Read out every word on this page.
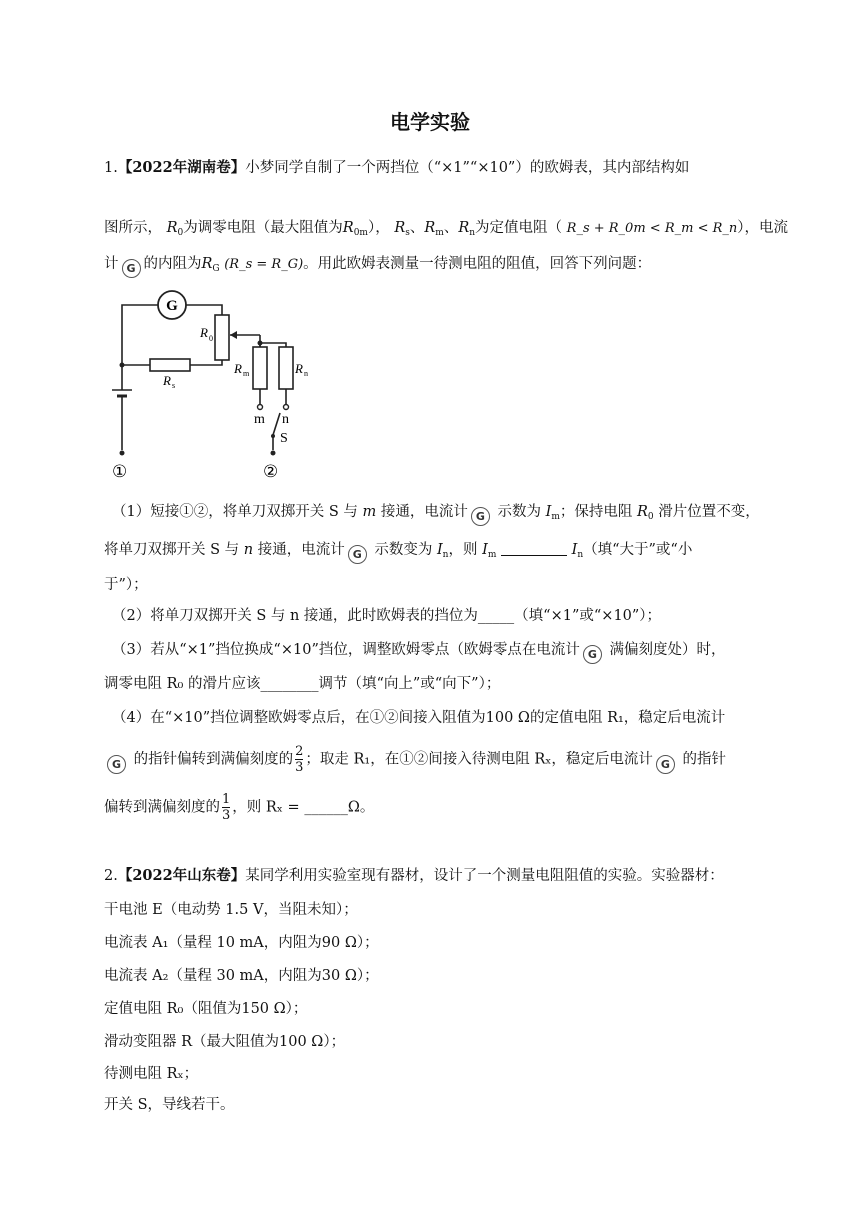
电学实验
1.【2022年湖南卷】小梦同学自制了一个两挡位（“×1”“×10”）的欧姆表，其内部结构如
图所示， $R_0$为调零电阻（最大阻值为$R_{0m}$）， $R_s$、$R_m$、$R_n$为定值电阻（ R_s + R_0m < R_m < R_n），电流
计 G 的内阻为$R_G$ (R_s = R_G)。用此欧姆表测量一待测电阻的阻值，回答下列问题：
G
R 0
R s
R m	R n
m n
S
①	②
（1）短接①②，将单刀双掷开关 S 与 m 接通，电流计 G 示数为 $I_m$；保持电阻 $R_0$ 滑片位置不变，
将单刀双掷开关 S 与 n 接通，电流计 G 示数变为 $I_n$，则 $I_m$	$I_n$（填“大于”或“小
于”）；
（2）将单刀双掷开关 S 与 n 接通，此时欧姆表的挡位为_____（填“×1”或“×10”）；
（3）若从“×1”挡位换成“×10”挡位，调整欧姆零点（欧姆零点在电流计 G 满偏刻度处）时，
调零电阻 R₀ 的滑片应该________调节（填“向上”或“向下”）；
（4）在“×10”挡位调整欧姆零点后，在①②间接入阻值为100 Ω的定值电阻 R₁，稳定后电流计
G 的指针偏转到满偏刻度的 $\frac{2}{3}$ ；取走 R₁，在①②间接入待测电阻 Rₓ，稳定后电流计 G 的指针
偏转到满偏刻度的 $\frac{1}{3}$ ，则 Rₓ = ______Ω。
2.【2022年山东卷】某同学利用实验室现有器材，设计了一个测量电阻阻值的实验。实验器材：
干电池 E（电动势 1.5 V，当阻未知）；
电流表 A₁（量程 10 mA，内阻为90 Ω）；
电流表 A₂（量程 30 mA，内阻为30 Ω）；
定值电阻 R₀（阻值为150 Ω）；
滑动变阻器 R（最大阻值为100 Ω）；
待测电阻 Rₓ；
开关 S，导线若干。
